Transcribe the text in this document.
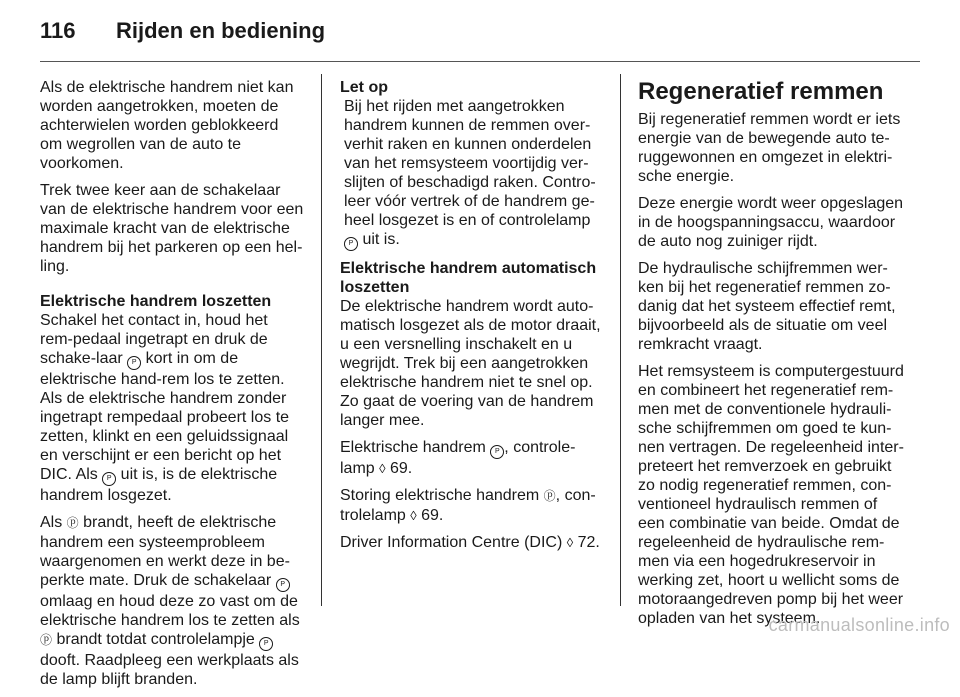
116	Rijden en bediening

Als de elektrische handrem niet kan worden aangetrokken, moeten de achterwielen worden geblokkeerd om wegrollen van de auto te voorkomen.

Trek twee keer aan de schakelaar van de elektrische handrem voor een maximale kracht van de elektrische handrem bij het parkeren op een hel‐ling.

Elektrische handrem loszetten

Schakel het contact in, houd het rem‐pedaal ingetrapt en druk de schake‐laar P kort in om de elektrische hand‐rem los te zetten. Als de elektrische handrem zonder ingetrapt rempedaal probeert los te zetten, klinkt en een geluidssignaal en verschijnt er een bericht op het DIC. Als P uit is, is de elektrische handrem losgezet.

Als ⓟ brandt, heeft de elektrische handrem een systeemprobleem waargenomen en werkt deze in be‐perkte mate. Druk de schakelaar P omlaag en houd deze zo vast om de elektrische handrem los te zetten als ⓟ brandt totdat controlelampje P dooft. Raadpleeg een werkplaats als de lamp blijft branden.

Let op

Bij het rijden met aangetrokken handrem kunnen de remmen over‐verhit raken en kunnen onderdelen van het remsysteem voortijdig ver‐slijten of beschadigd raken. Contro‐leer vóór vertrek of de handrem ge‐heel losgezet is en of controlelamp P uit is.

Elektrische handrem automatisch loszetten

De elektrische handrem wordt auto‐matisch losgezet als de motor draait, u een versnelling inschakelt en u wegrijdt. Trek bij een aangetrokken elektrische handrem niet te snel op. Zo gaat de voering van de handrem langer mee.

Elektrische handrem P , controle‐lamp ◊ 69.

Storing elektrische handrem ⓟ, con‐trolelamp ◊ 69.

Driver Information Centre (DIC) ◊ 72.

Regeneratief remmen

Bij regeneratief remmen wordt er iets energie van de bewegende auto te‐ruggewonnen en omgezet in elektri‐sche energie.

Deze energie wordt weer opgeslagen in de hoogspanningsaccu, waardoor de auto nog zuiniger rijdt.

De hydraulische schijfremmen wer‐ken bij het regeneratief remmen zo‐danig dat het systeem effectief remt, bijvoorbeeld als de situatie om veel remkracht vraagt.

Het remsysteem is computergestuurd en combineert het regeneratief rem‐men met de conventionele hydrauli‐sche schijfremmen om goed te kun‐nen vertragen. De regeleenheid inter‐preteert het remverzoek en gebruikt zo nodig regeneratief remmen, con‐ventioneel hydraulisch remmen of een combinatie van beide. Omdat de regeleenheid de hydraulische rem‐men via een hogedrukreservoir in werking zet, hoort u wellicht soms de motoraangedreven pomp bij het weer opladen van het systeem.

carmanualsonline.info
